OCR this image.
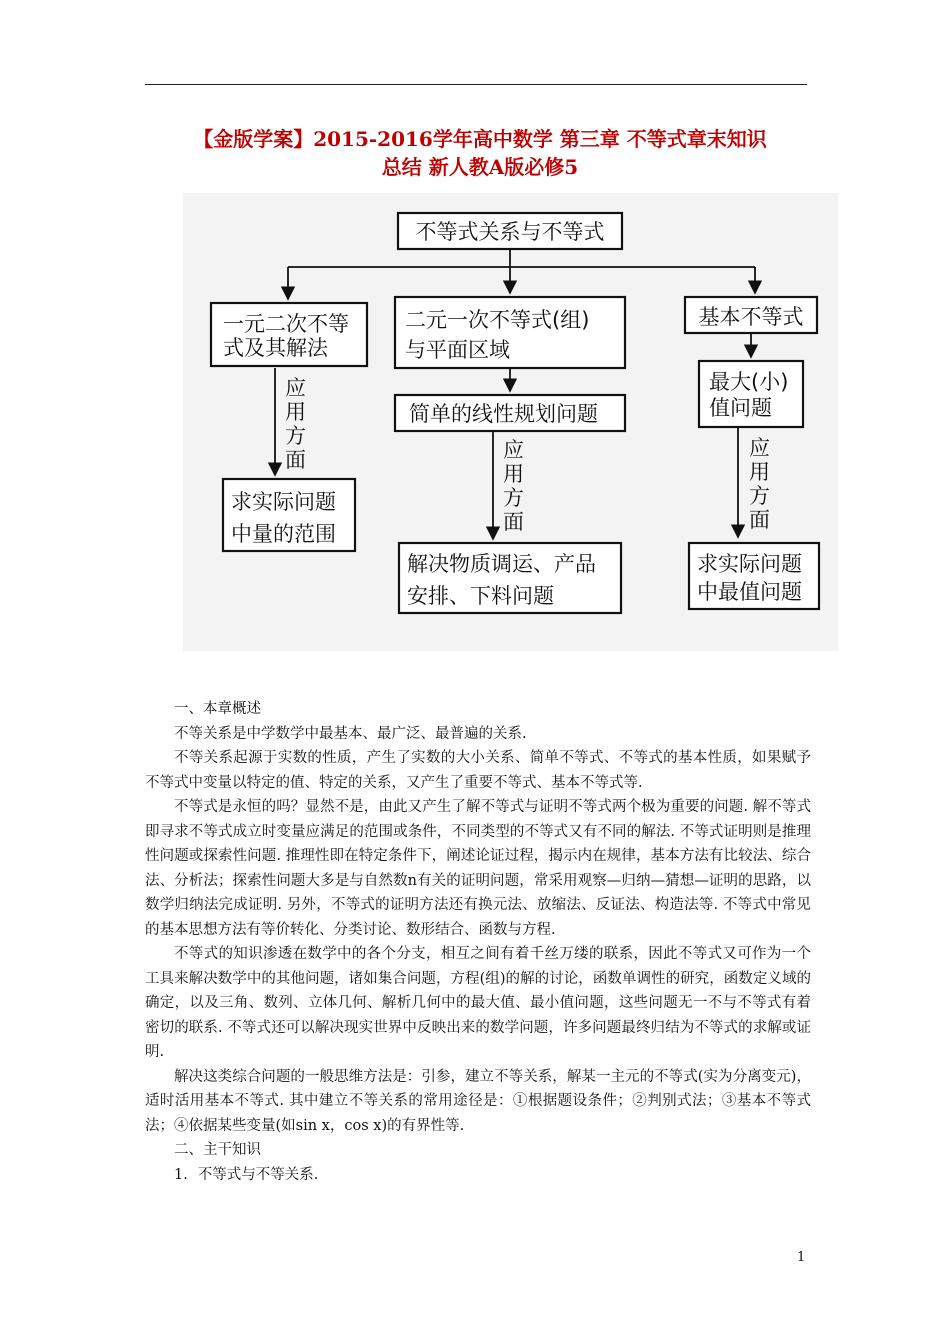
【金版学案】2015-2016学年高中数学 第三章 不等式章末知识
总结 新人教A版必修5
不等式关系与不等式
一元二次不等
式及其解法
应
用
方
面
求实际问题
中量的范围
二元一次不等式(组)
与平面区域
简单的线性规划问题
应
用
方
面
解决物质调运、产品
安排、下料问题
基本不等式
最大(小)
值问题
应
用
方
面
求实际问题
中最值问题

一、本章概述

不等关系是中学数学中最基本、最广泛、最普遍的关系.

不等关系起源于实数的性质，产生了实数的大小关系、简单不等式、不等式的基本性质，如果赋予不等式中变量以特定的值、特定的关系，又产生了重要不等式、基本不等式等.

不等式是永恒的吗？显然不是，由此又产生了解不等式与证明不等式两个极为重要的问题. 解不等式即寻求不等式成立时变量应满足的范围或条件，不同类型的不等式又有不同的解法. 不等式证明则是推理性问题或探索性问题. 推理性即在特定条件下，阐述论证过程，揭示内在规律，基本方法有比较法、综合法、分析法；探索性问题大多是与自然数n有关的证明问题，常采用观察—归纳—猜想—证明的思路，以数学归纳法完成证明. 另外，不等式的证明方法还有换元法、放缩法、反证法、构造法等. 不等式中常见的基本思想方法有等价转化、分类讨论、数形结合、函数与方程.

不等式的知识渗透在数学中的各个分支，相互之间有着千丝万缕的联系，因此不等式又可作为一个工具来解决数学中的其他问题，诸如集合问题，方程(组)的解的讨论，函数单调性的研究，函数定义域的确定，以及三角、数列、立体几何、解析几何中的最大值、最小值问题，这些问题无一不与不等式有着密切的联系. 不等式还可以解决现实世界中反映出来的数学问题，许多问题最终归结为不等式的求解或证明.

解决这类综合问题的一般思维方法是：引参，建立不等关系，解某一主元的不等式(实为分离变元)，适时活用基本不等式. 其中建立不等关系的常用途径是：①根据题设条件；②判别式法；③基本不等式法；④依据某些变量(如sin x，cos x)的有界性等.

二、主干知识

1．不等式与不等关系.

1
